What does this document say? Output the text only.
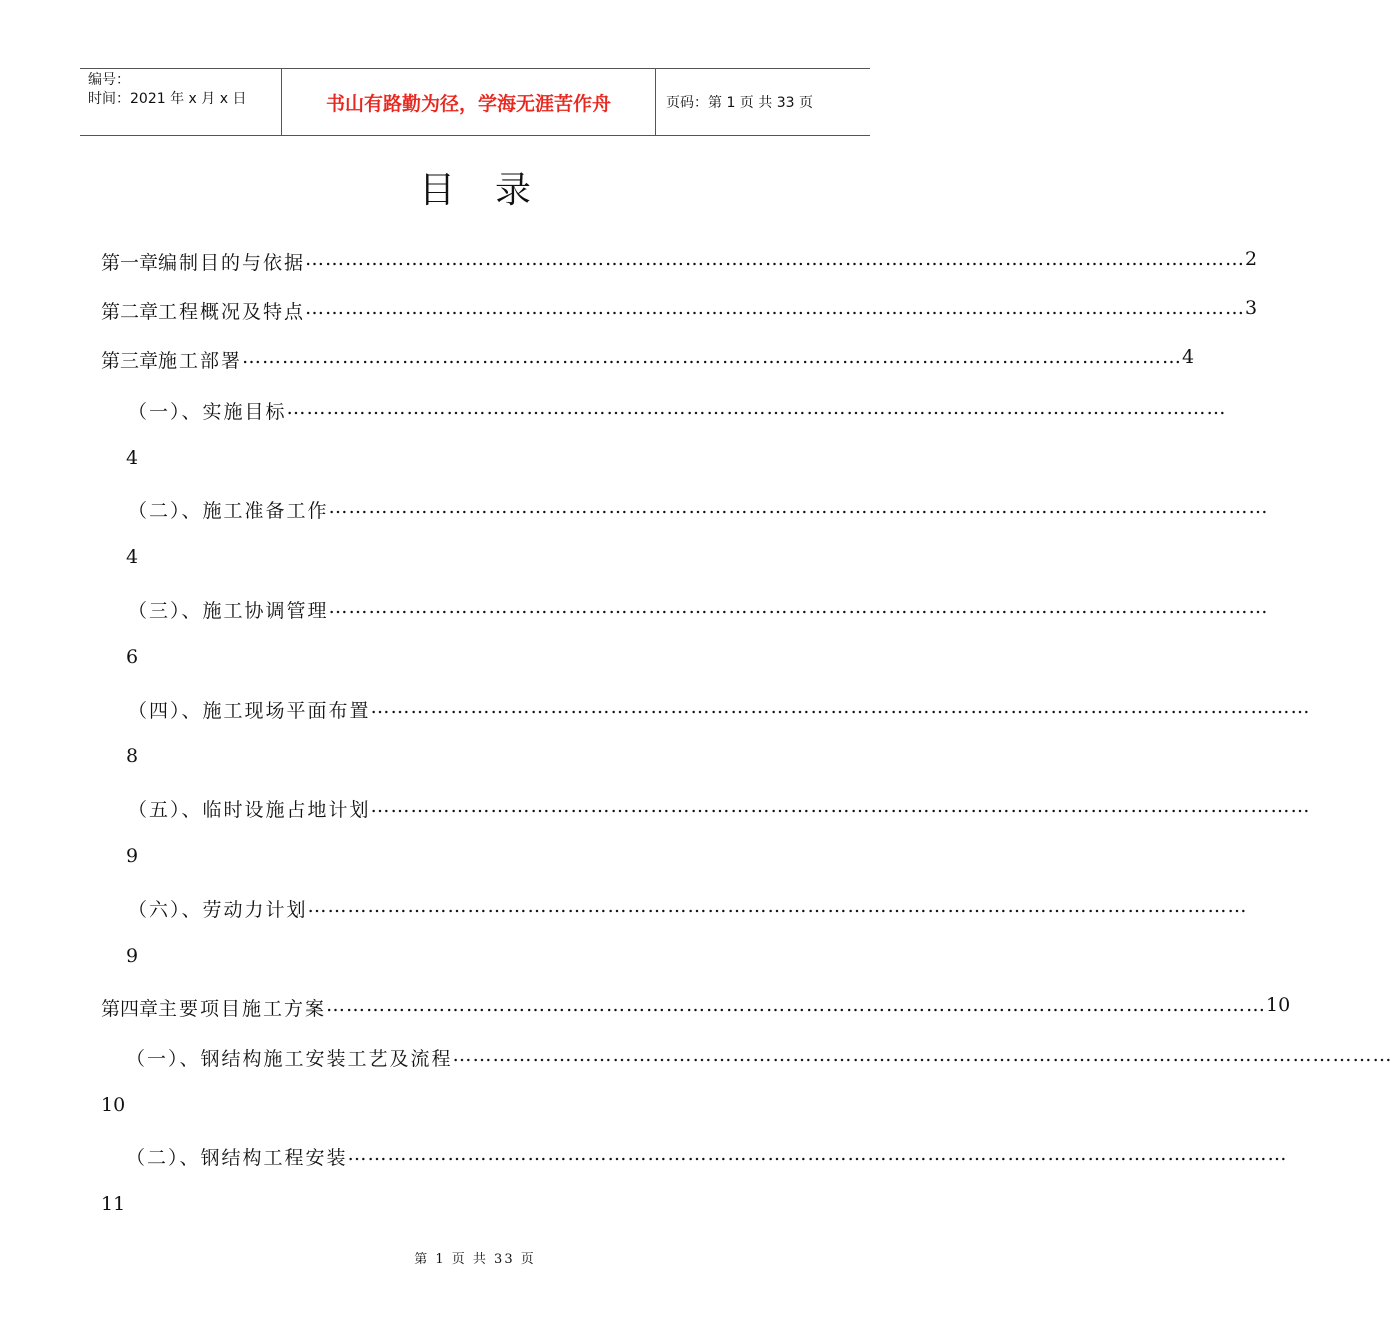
编号：
时间：2021 年 x 月 x 日	书山有路勤为径，学海无涯苦作舟	页码：第 1 页 共 33 页
目录
第一章 编制目的与依据 …………………………………………………………………………………………………………………………… 2
第二章 工程概况及特点 …………………………………………………………………………………………………………………………… 3
第三章 施工部署 …………………………………………………………………………………………………………………………… 4
（一）、实施目标 ……………………………………………………………………………………………………………………………
4
（二）、施工准备工作 ……………………………………………………………………………………………………………………………
4
（三）、施工协调管理 ……………………………………………………………………………………………………………………………
6
（四）、施工现场平面布置 ……………………………………………………………………………………………………………………………
8
（五）、临时设施占地计划 ……………………………………………………………………………………………………………………………
9
（六）、劳动力计划 ……………………………………………………………………………………………………………………………
9
第四章 主要项目施工方案 …………………………………………………………………………………………………………………………… 10
（一）、钢结构施工安装工艺及流程 ……………………………………………………………………………………………………………………………
10
（二）、钢结构工程安装 ……………………………………………………………………………………………………………………………
11
第 1 页 共 33 页
